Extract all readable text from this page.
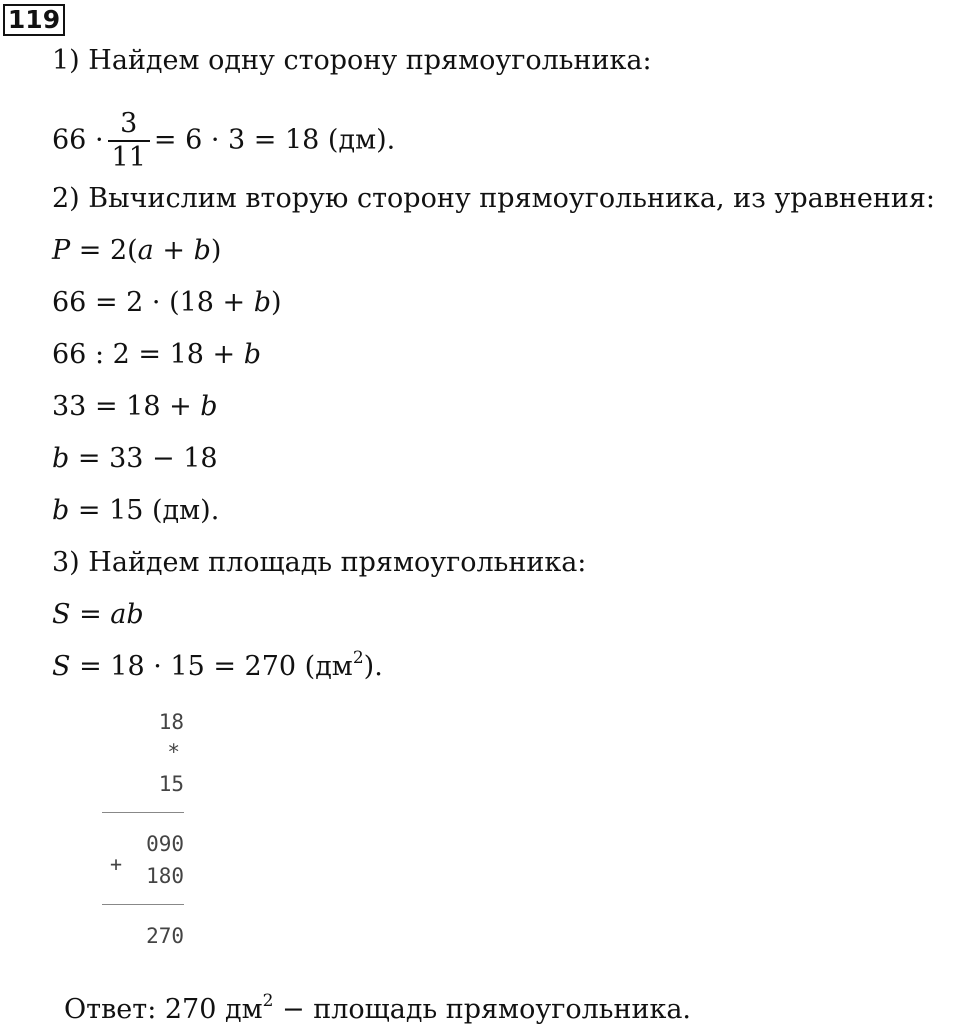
119
1) Найдем одну сторону прямоугольника:
$66 \cdot \frac{3}{11} = 6 \cdot 3 = 18$ (дм).
2) Вычислим вторую сторону прямоугольника, из уравнения:
P = 2(a + b)
66 = 2 · (18 + b)
66 : 2 = 18 + b
33 = 18 + b
b = 33 − 18
b = 15 (дм).
3) Найдем площадь прямоугольника:
S = ab
S = 18 · 15 = 270 $(дм^2)$.
18
*
15
090
+ 180
270
Ответ: 270 $дм^2$ − площадь прямоугольника.
